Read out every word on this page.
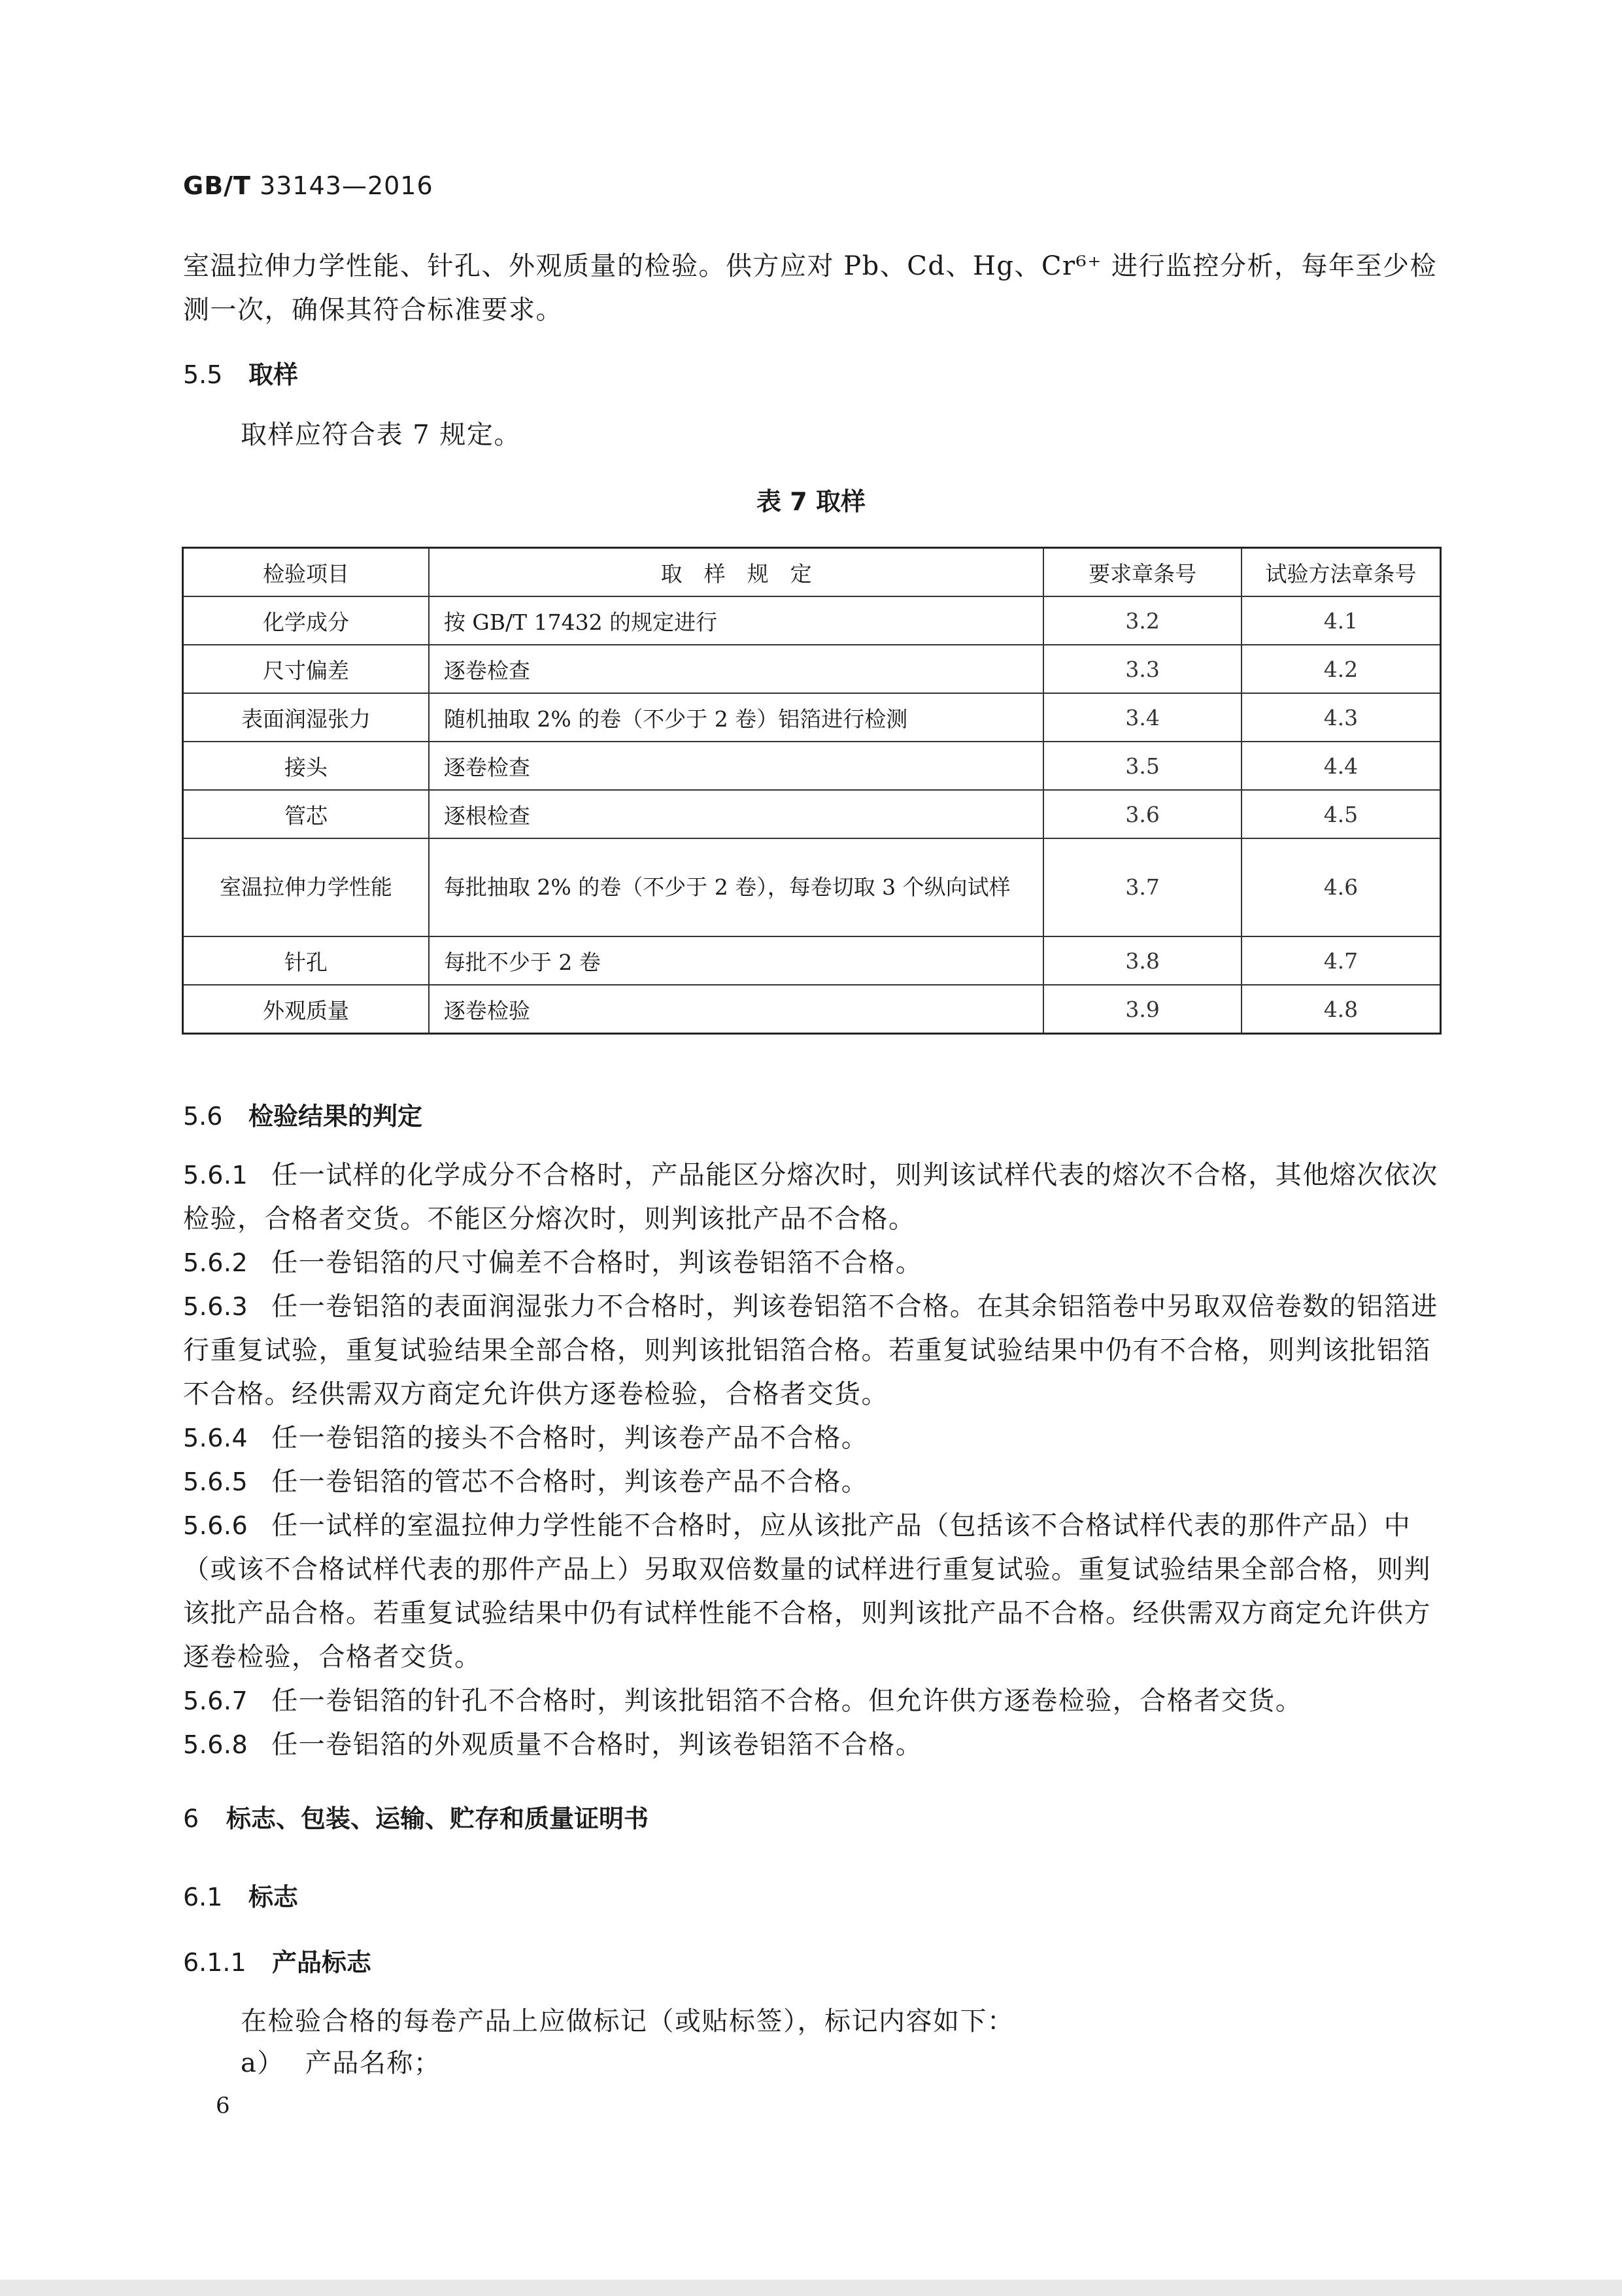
GB/T 33143—2016

室温拉伸力学性能、针孔、外观质量的检验。供方应对 Pb、Cd、Hg、Cr⁶⁺ 进行监控分析，每年至少检测一次，确保其符合标准要求。

5.5 取样

取样应符合表 7 规定。

表 7 取样
检验项目	取　样　规　定	要求章条号	试验方法章条号
化学成分	按 GB/T 17432 的规定进行	3.2	4.1
尺寸偏差	逐卷检查	3.3	4.2
表面润湿张力	随机抽取 2% 的卷（不少于 2 卷）铝箔进行检测	3.4	4.3
接头	逐卷检查	3.5	4.4
管芯	逐根检查	3.6	4.5
室温拉伸力学性能	每批抽取 2% 的卷（不少于 2 卷），每卷切取 3 个纵向试样	3.7	4.6
针孔	每批不少于 2 卷	3.8	4.7
外观质量	逐卷检验	3.9	4.8
5.6 检验结果的判定

5.6.1 任一试样的化学成分不合格时，产品能区分熔次时，则判该试样代表的熔次不合格，其他熔次依次检验，合格者交货。不能区分熔次时，则判该批产品不合格。

5.6.2 任一卷铝箔的尺寸偏差不合格时，判该卷铝箔不合格。

5.6.3 任一卷铝箔的表面润湿张力不合格时，判该卷铝箔不合格。在其余铝箔卷中另取双倍卷数的铝箔进行重复试验，重复试验结果全部合格，则判该批铝箔合格。若重复试验结果中仍有不合格，则判该批铝箔不合格。经供需双方商定允许供方逐卷检验，合格者交货。

5.6.4 任一卷铝箔的接头不合格时，判该卷产品不合格。

5.6.5 任一卷铝箔的管芯不合格时，判该卷产品不合格。

5.6.6 任一试样的室温拉伸力学性能不合格时，应从该批产品（包括该不合格试样代表的那件产品）中（或该不合格试样代表的那件产品上）另取双倍数量的试样进行重复试验。重复试验结果全部合格，则判该批产品合格。若重复试验结果中仍有试样性能不合格，则判该批产品不合格。经供需双方商定允许供方逐卷检验，合格者交货。

5.6.7 任一卷铝箔的针孔不合格时，判该批铝箔不合格。但允许供方逐卷检验，合格者交货。

5.6.8 任一卷铝箔的外观质量不合格时，判该卷铝箔不合格。

6 标志、包装、运输、贮存和质量证明书
6.1 标志
6.1.1 产品标志

在检验合格的每卷产品上应做标记（或贴标签），标记内容如下：

a） 产品名称；

6
